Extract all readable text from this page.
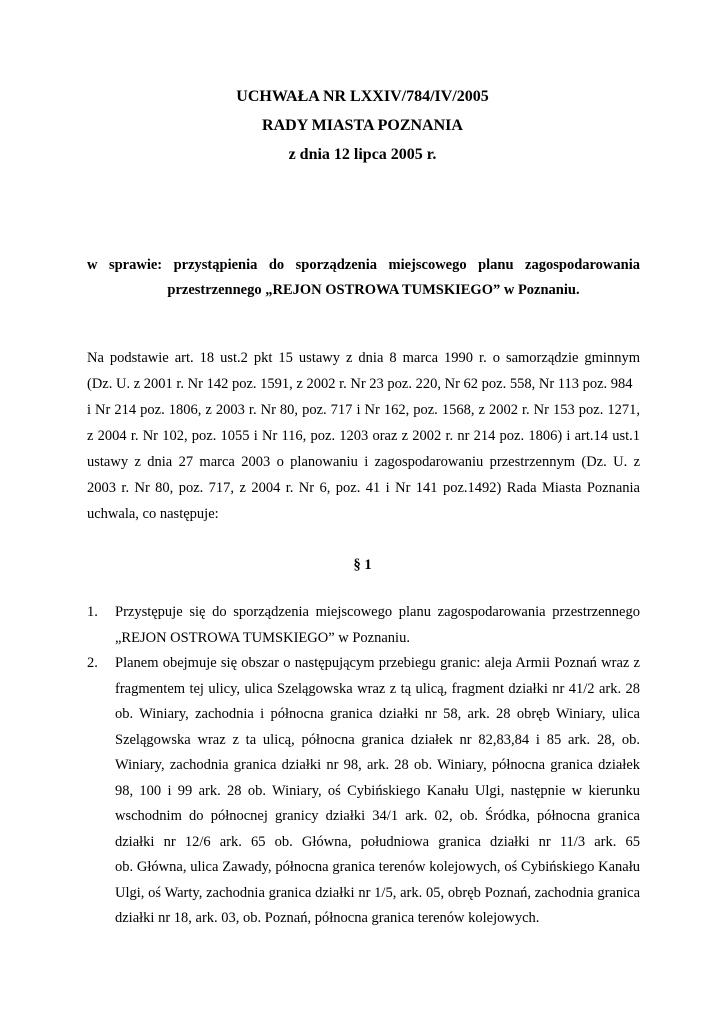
UCHWAŁA NR LXXIV/784/IV/2005
RADY MIASTA POZNANIA
z dnia 12 lipca 2005 r.
w sprawie: przystąpienia do sporządzenia miejscowego planu zagospodarowania
przestrzennego „REJON OSTROWA TUMSKIEGO” w Poznaniu.
Na podstawie art. 18 ust.2 pkt 15 ustawy z dnia 8 marca 1990 r. o samorządzie gminnym
(Dz. U. z 2001 r. Nr 142 poz. 1591, z 2002 r. Nr 23 poz. 220, Nr 62 poz. 558, Nr 113 poz. 984
i Nr 214 poz. 1806, z 2003 r. Nr 80, poz. 717 i Nr 162, poz. 1568, z 2002 r. Nr 153 poz. 1271,
z 2004 r. Nr 102, poz. 1055 i Nr 116, poz. 1203 oraz z 2002 r. nr 214 poz. 1806) i art.14 ust.1
ustawy z dnia 27 marca 2003 o planowaniu i zagospodarowaniu przestrzennym (Dz. U. z
2003 r. Nr 80, poz. 717, z 2004 r. Nr 6, poz. 41 i Nr 141 poz.1492) Rada Miasta Poznania
uchwala, co następuje:
§ 1
1. Przystępuje się do sporządzenia miejscowego planu zagospodarowania przestrzennego
„REJON OSTROWA TUMSKIEGO” w Poznaniu.
2. Planem obejmuje się obszar o następującym przebiegu granic: aleja Armii Poznań wraz z
fragmentem tej ulicy, ulica Szelągowska wraz z tą ulicą, fragment działki nr 41/2 ark. 28
ob. Winiary, zachodnia i północna granica działki nr 58, ark. 28 obręb Winiary, ulica
Szelągowska wraz z ta ulicą, północna granica działek nr 82,83,84 i 85 ark. 28, ob.
Winiary, zachodnia granica działki nr 98, ark. 28 ob. Winiary, północna granica działek
98, 100 i 99 ark. 28 ob. Winiary, oś Cybińskiego Kanału Ulgi, następnie w kierunku
wschodnim do północnej granicy działki 34/1 ark. 02, ob. Śródka, północna granica
działki nr 12/6 ark. 65 ob. Główna, południowa granica działki nr 11/3 ark. 65
ob. Główna, ulica Zawady, północna granica terenów kolejowych, oś Cybińskiego Kanału
Ulgi, oś Warty, zachodnia granica działki nr 1/5, ark. 05, obręb Poznań, zachodnia granica
działki nr 18, ark. 03, ob. Poznań, północna granica terenów kolejowych.
